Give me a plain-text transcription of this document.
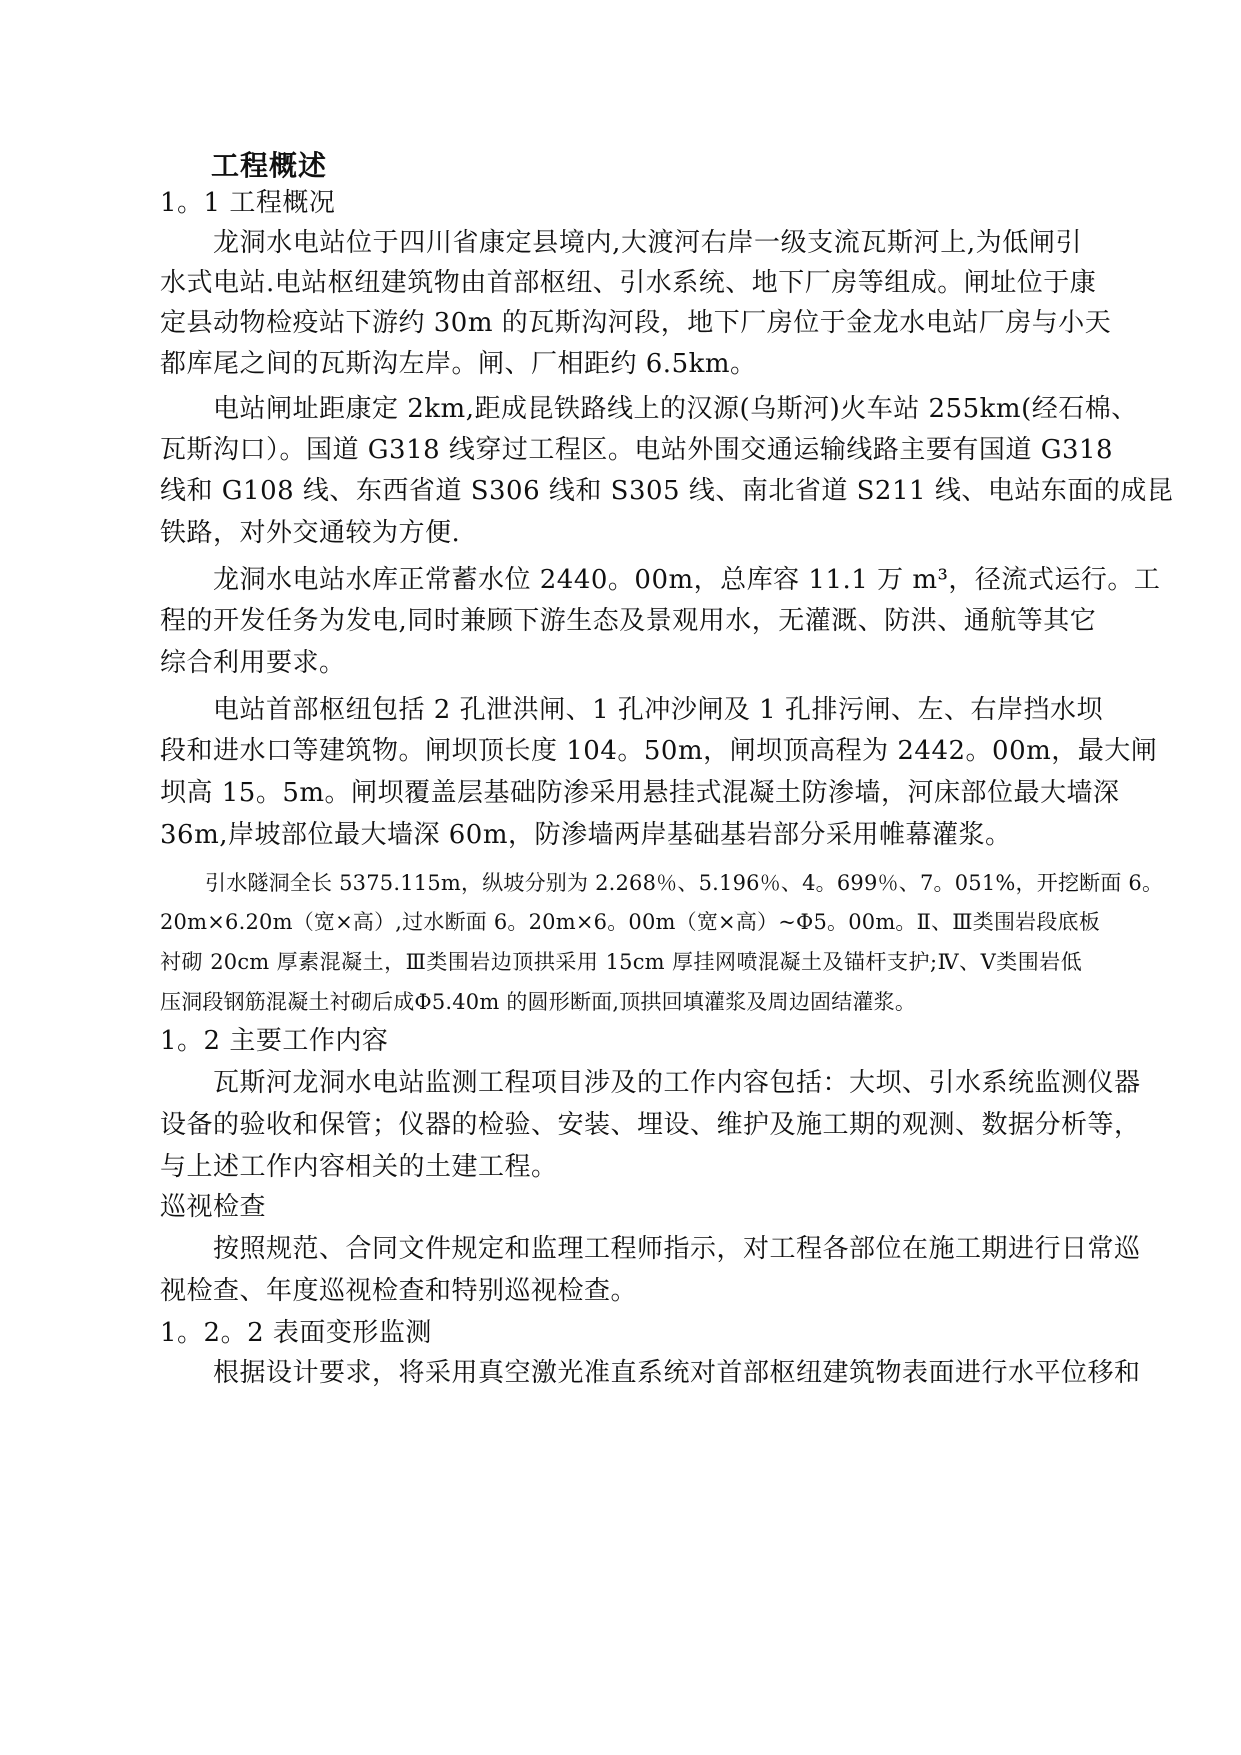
工程概述
1。1 工程概况
龙洞水电站位于四川省康定县境内,大渡河右岸一级支流瓦斯河上,为低闸引
水式电站.电站枢纽建筑物由首部枢纽、引水系统、地下厂房等组成。闸址位于康
定县动物检疫站下游约 30m 的瓦斯沟河段，地下厂房位于金龙水电站厂房与小天
都库尾之间的瓦斯沟左岸。闸、厂相距约 6.5km。
电站闸址距康定 2km,距成昆铁路线上的汉源(乌斯河)火车站 255km(经石棉、
瓦斯沟口）。国道 G318 线穿过工程区。电站外围交通运输线路主要有国道 G318
线和 G108 线、东西省道 S306 线和 S305 线、南北省道 S211 线、电站东面的成昆
铁路，对外交通较为方便.
龙洞水电站水库正常蓄水位 2440。00m，总库容 11.1 万 m³，径流式运行。工
程的开发任务为发电,同时兼顾下游生态及景观用水，无灌溉、防洪、通航等其它
综合利用要求。
电站首部枢纽包括 2 孔泄洪闸、1 孔冲沙闸及 1 孔排污闸、左、右岸挡水坝
段和进水口等建筑物。闸坝顶长度 104。50m，闸坝顶高程为 2442。00m，最大闸
坝高 15。5m。闸坝覆盖层基础防渗采用悬挂式混凝土防渗墙，河床部位最大墙深
36m,岸坡部位最大墙深 60m，防渗墙两岸基础基岩部分采用帷幕灌浆。
引水隧洞全长 5375.115m，纵坡分别为 2.268％、5.196％、4。699％、7。051%，开挖断面 6。
20m×6.20m（宽×高）,过水断面 6。20m×6。00m（宽×高）~Φ5。00m。Ⅱ、Ⅲ类围岩段底板
衬砌 20cm 厚素混凝土，Ⅲ类围岩边顶拱采用 15cm 厚挂网喷混凝土及锚杆支护;Ⅳ、Ⅴ类围岩低
压洞段钢筋混凝土衬砌后成Φ5.40m 的圆形断面,顶拱回填灌浆及周边固结灌浆。
1。2 主要工作内容
瓦斯河龙洞水电站监测工程项目涉及的工作内容包括：大坝、引水系统监测仪器
设备的验收和保管；仪器的检验、安装、埋设、维护及施工期的观测、数据分析等，
与上述工作内容相关的土建工程。
巡视检查
按照规范、合同文件规定和监理工程师指示，对工程各部位在施工期进行日常巡
视检查、年度巡视检查和特别巡视检查。
1。2。2 表面变形监测
根据设计要求，将采用真空激光准直系统对首部枢纽建筑物表面进行水平位移和
